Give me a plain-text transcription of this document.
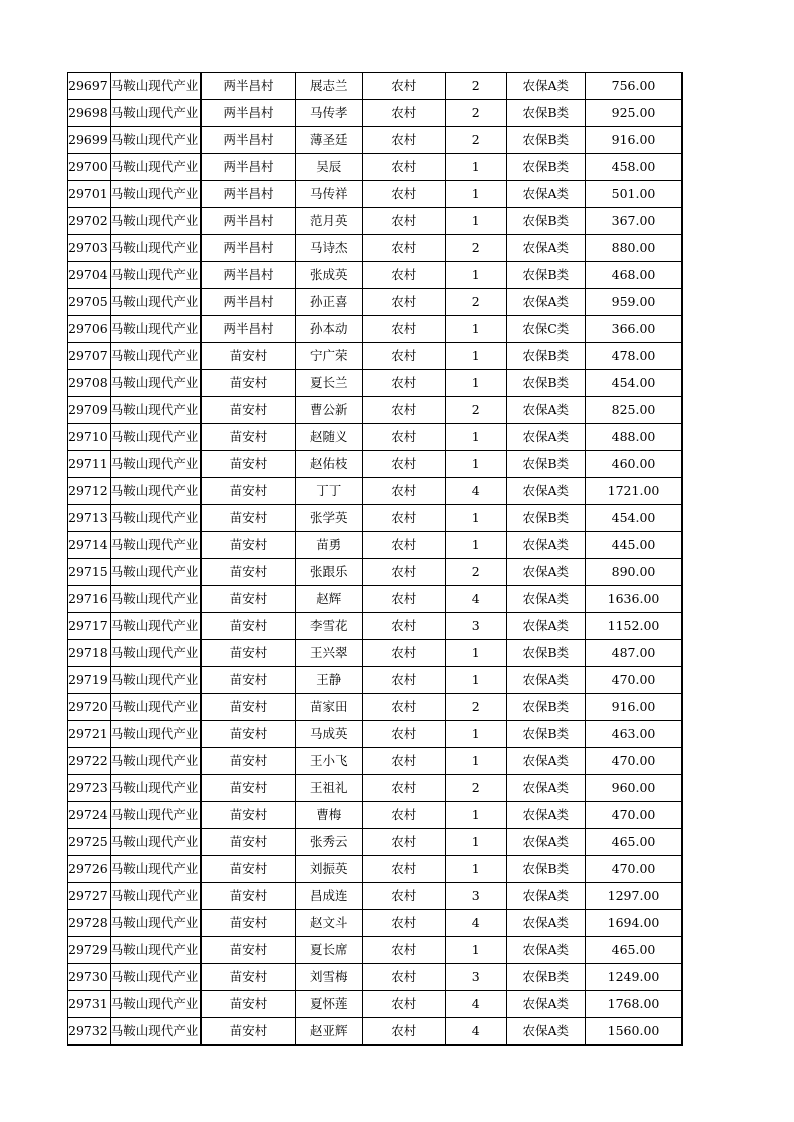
29697	马鞍山现代产业	两半昌村	展志兰	农村	2	农保A类	756.00
29698	马鞍山现代产业	两半昌村	马传孝	农村	2	农保B类	925.00
29699	马鞍山现代产业	两半昌村	薄圣廷	农村	2	农保B类	916.00
29700	马鞍山现代产业	两半昌村	吴辰	农村	1	农保B类	458.00
29701	马鞍山现代产业	两半昌村	马传祥	农村	1	农保A类	501.00
29702	马鞍山现代产业	两半昌村	范月英	农村	1	农保B类	367.00
29703	马鞍山现代产业	两半昌村	马诗杰	农村	2	农保A类	880.00
29704	马鞍山现代产业	两半昌村	张成英	农村	1	农保B类	468.00
29705	马鞍山现代产业	两半昌村	孙正喜	农村	2	农保A类	959.00
29706	马鞍山现代产业	两半昌村	孙本动	农村	1	农保C类	366.00
29707	马鞍山现代产业	苗安村	宁广荣	农村	1	农保B类	478.00
29708	马鞍山现代产业	苗安村	夏长兰	农村	1	农保B类	454.00
29709	马鞍山现代产业	苗安村	曹公新	农村	2	农保A类	825.00
29710	马鞍山现代产业	苗安村	赵随义	农村	1	农保A类	488.00
29711	马鞍山现代产业	苗安村	赵佑枝	农村	1	农保B类	460.00
29712	马鞍山现代产业	苗安村	丁丁	农村	4	农保A类	1721.00
29713	马鞍山现代产业	苗安村	张学英	农村	1	农保B类	454.00
29714	马鞍山现代产业	苗安村	苗勇	农村	1	农保A类	445.00
29715	马鞍山现代产业	苗安村	张跟乐	农村	2	农保A类	890.00
29716	马鞍山现代产业	苗安村	赵辉	农村	4	农保A类	1636.00
29717	马鞍山现代产业	苗安村	李雪花	农村	3	农保A类	1152.00
29718	马鞍山现代产业	苗安村	王兴翠	农村	1	农保B类	487.00
29719	马鞍山现代产业	苗安村	王静	农村	1	农保A类	470.00
29720	马鞍山现代产业	苗安村	苗家田	农村	2	农保B类	916.00
29721	马鞍山现代产业	苗安村	马成英	农村	1	农保B类	463.00
29722	马鞍山现代产业	苗安村	王小飞	农村	1	农保A类	470.00
29723	马鞍山现代产业	苗安村	王祖礼	农村	2	农保A类	960.00
29724	马鞍山现代产业	苗安村	曹梅	农村	1	农保A类	470.00
29725	马鞍山现代产业	苗安村	张秀云	农村	1	农保A类	465.00
29726	马鞍山现代产业	苗安村	刘振英	农村	1	农保B类	470.00
29727	马鞍山现代产业	苗安村	昌成连	农村	3	农保A类	1297.00
29728	马鞍山现代产业	苗安村	赵文斗	农村	4	农保A类	1694.00
29729	马鞍山现代产业	苗安村	夏长席	农村	1	农保A类	465.00
29730	马鞍山现代产业	苗安村	刘雪梅	农村	3	农保B类	1249.00
29731	马鞍山现代产业	苗安村	夏怀莲	农村	4	农保A类	1768.00
29732	马鞍山现代产业	苗安村	赵亚辉	农村	4	农保A类	1560.00
